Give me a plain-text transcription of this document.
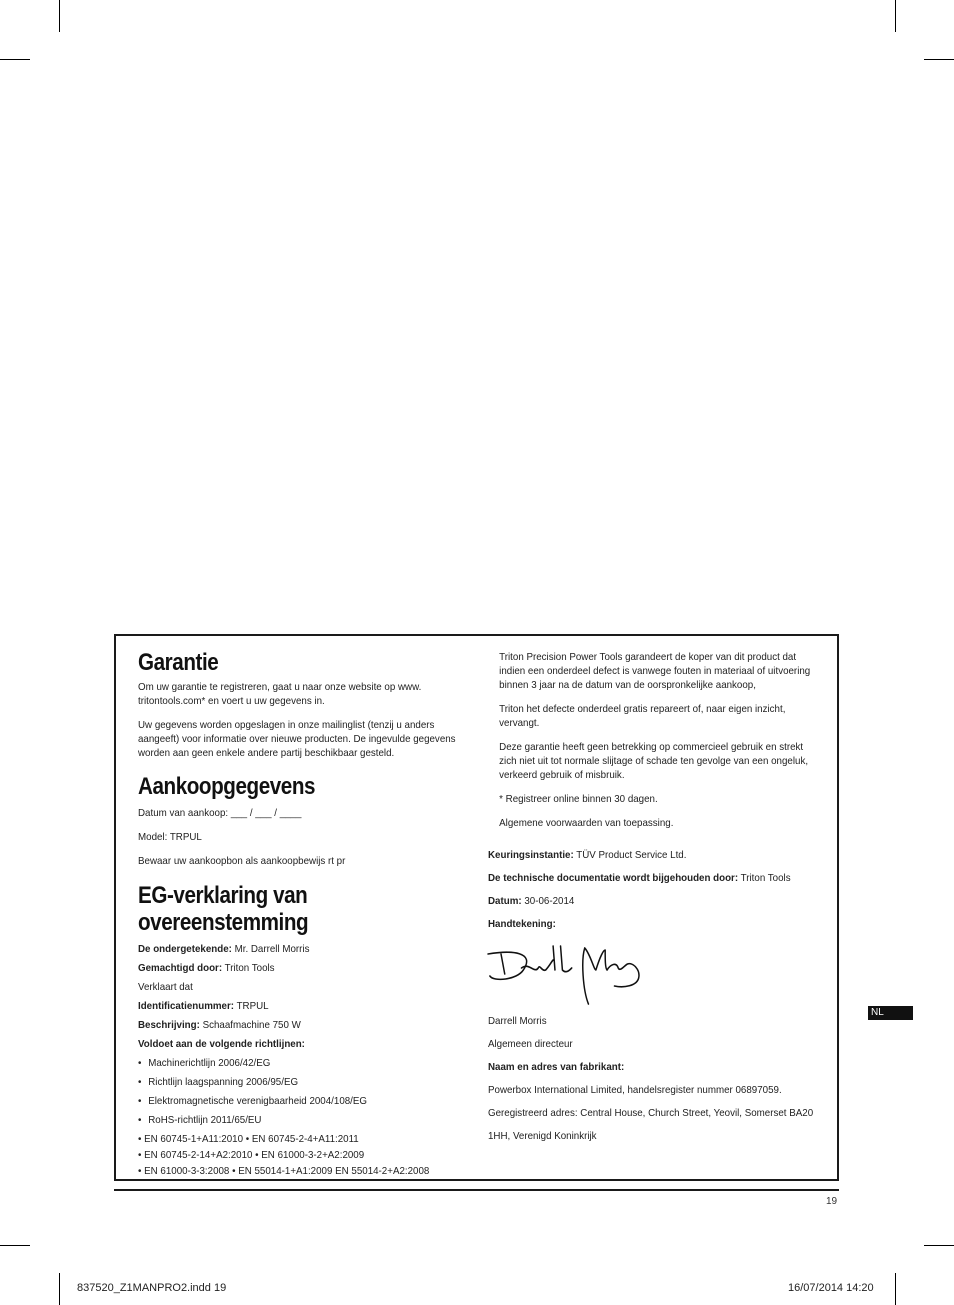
Garantie
Om uw garantie te registreren, gaat u naar onze website op www. tritontools.com* en voert u uw gegevens in.
Uw gegevens worden opgeslagen in onze mailinglist (tenzij u anders aangeeft) voor informatie over nieuwe producten. De ingevulde gegevens worden aan geen enkele andere partij beschikbaar gesteld.
Aankoopgegevens
Datum van aankoop: ___ / ___ / ____
Model: TRPUL
Bewaar uw aankoopbon als aankoopbewijs rt pr
EG-verklaring van overeenstemming
De ondergetekende: Mr. Darrell Morris
Gemachtigd door: Triton Tools
Verklaart dat
Identificatienummer: TRPUL
Beschrijving: Schaafmachine 750 W
Voldoet aan de volgende richtlijnen:
• Machinerichtlijn 2006/42/EG
• Richtlijn laagspanning 2006/95/EG
• Elektromagnetische verenigbaarheid 2004/108/EG
• RoHS-richtlijn 2011/65/EU
• EN 60745-1+A11:2010 • EN 60745-2-4+A11:2011
• EN 60745-2-14+A2:2010 • EN 61000-3-2+A2:2009
• EN 61000-3-3:2008 • EN 55014-1+A1:2009 EN 55014-2+A2:2008
Triton Precision Power Tools garandeert de koper van dit product dat indien een onderdeel defect is vanwege fouten in materiaal of uitvoering binnen 3 jaar na de datum van de oorspronkelijke aankoop,
Triton het defecte onderdeel gratis repareert of, naar eigen inzicht, vervangt.
Deze garantie heeft geen betrekking op commercieel gebruik en strekt zich niet uit tot normale slijtage of schade ten gevolge van een ongeluk, verkeerd gebruik of misbruik.
* Registreer online binnen 30 dagen.
Algemene voorwaarden van toepassing.
Keuringsinstantie: TÜV Product Service Ltd.
De technische documentatie wordt bijgehouden door: Triton Tools
Datum: 30-06-2014
Handtekening:
Darrell Morris
Algemeen directeur
Naam en adres van fabrikant:
Powerbox International Limited, handelsregister nummer 06897059.
Geregistreerd adres: Central House, Church Street, Yeovil, Somerset BA20
1HH, Verenigd Koninkrijk
NL
19
837520_Z1MANPRO2.indd 19	16/07/2014 14:20
